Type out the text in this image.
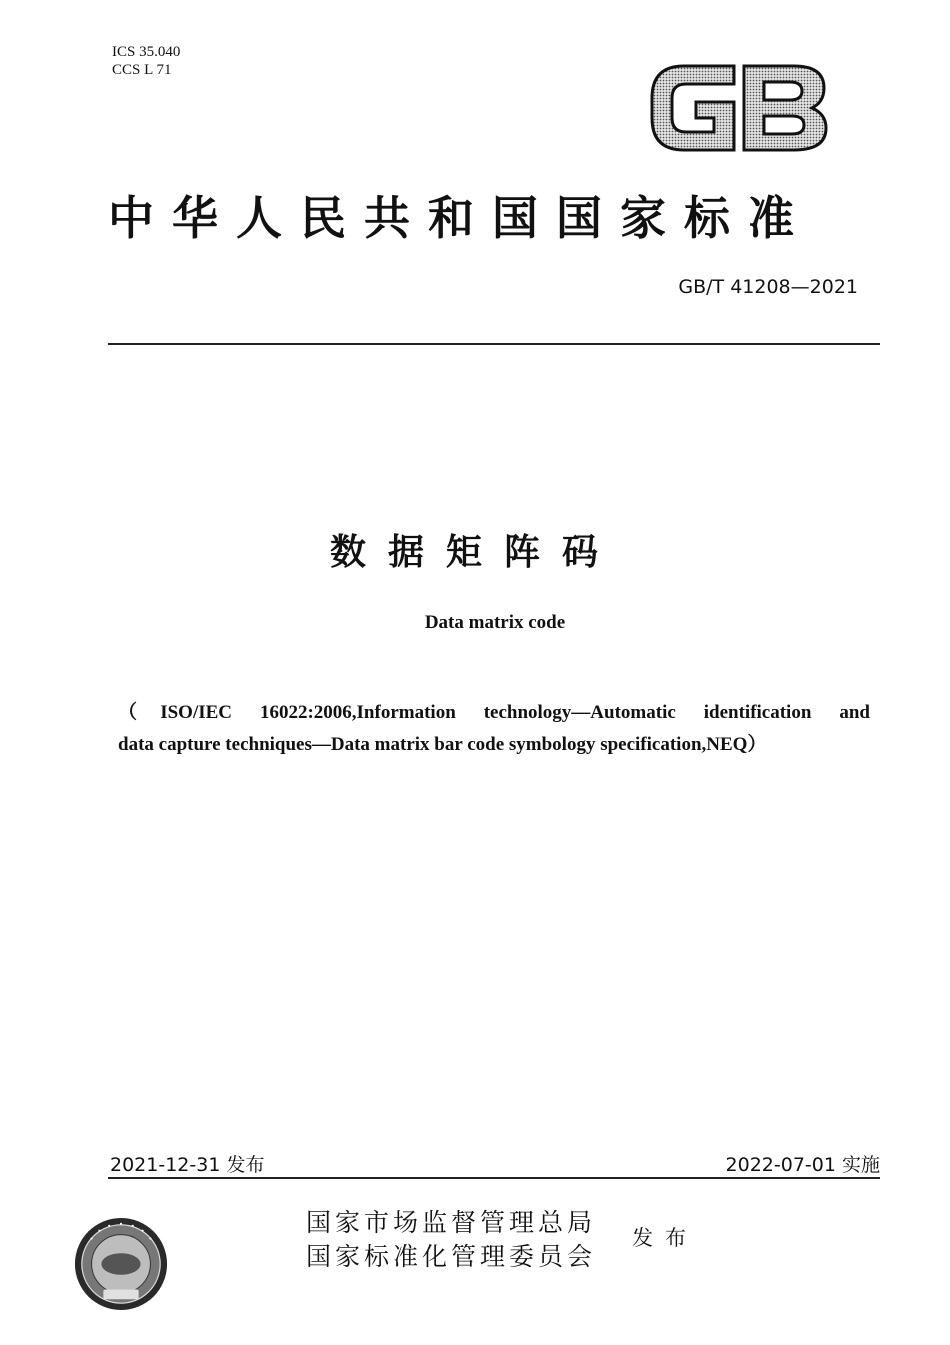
ICS 35.040
CCS L 71
中华人民共和国国家标准
GB/T 41208—2021
数据矩阵码
Data matrix code
（ISO/IEC 16022:2006,Information technology—Automatic identification and
data capture techniques—Data matrix bar code symbology specification,NEQ）
2021-12-31 发布	2022-07-01 实施
国家市场监督管理总局
国家标准化管理委员会
发布
